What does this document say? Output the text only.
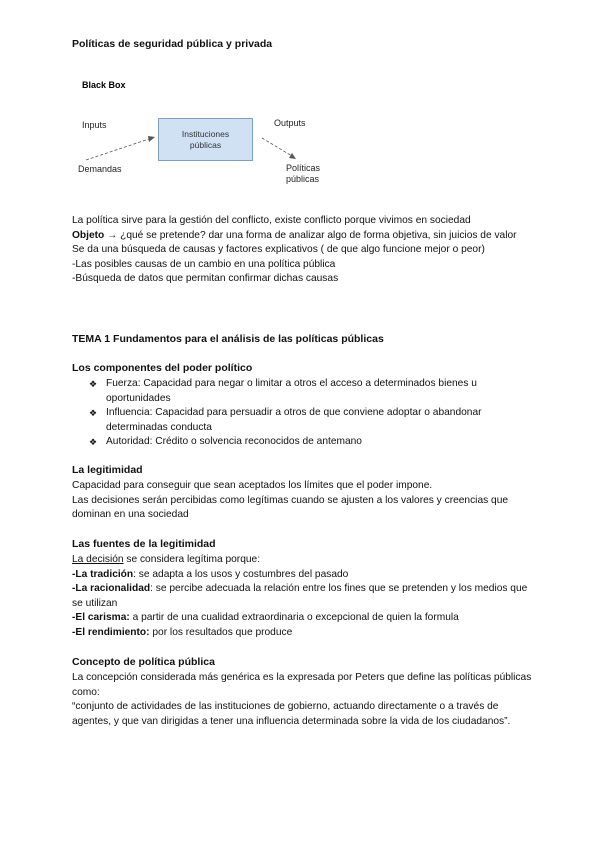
Políticas de seguridad pública y privada
Black Box
Inputs
Demandas
Instituciones públicas
Outputs
Políticas públicas

La política sirve para la gestión del conflicto, existe conflicto porque vivimos en sociedad

Objeto → ¿qué se pretende? dar una forma de analizar algo de forma objetiva, sin juicios de valor

Se da una búsqueda de causas y factores explicativos ( de que algo funcione mejor o peor)

-Las posibles causas de un cambio en una política pública

-Búsqueda de datos que permitan confirmar dichas causas

TEMA 1 Fundamentos para el análisis de las políticas públicas
Los componentes del poder político
❖ Fuerza: Capacidad para negar o limitar a otros el acceso a determinados bienes u oportunidades
❖ Influencia: Capacidad para persuadir a otros de que conviene adoptar o abandonar determinadas conducta
❖ Autoridad: Crédito o solvencia reconocidos de antemano
La legitimidad

Capacidad para conseguir que sean aceptados los límites que el poder impone.

Las decisiones serán percibidas como legítimas cuando se ajusten a los valores y creencias que dominan en una sociedad

Las fuentes de la legitimidad

La decisión se considera legítima porque:

-La tradición: se adapta a los usos y costumbres del pasado

-La racionalidad: se percibe adecuada la relación entre los fines que se pretenden y los medios que se utilizan

-El carisma: a partir de una cualidad extraordinaria o excepcional de quien la formula

-El rendimiento: por los resultados que produce

Concepto de política pública

La concepción considerada más genérica es la expresada por Peters que define las políticas públicas como:

“conjunto de actividades de las instituciones de gobierno, actuando directamente o a través de agentes, y que van dirigidas a tener una influencia determinada sobre la vida de los ciudadanos”.
